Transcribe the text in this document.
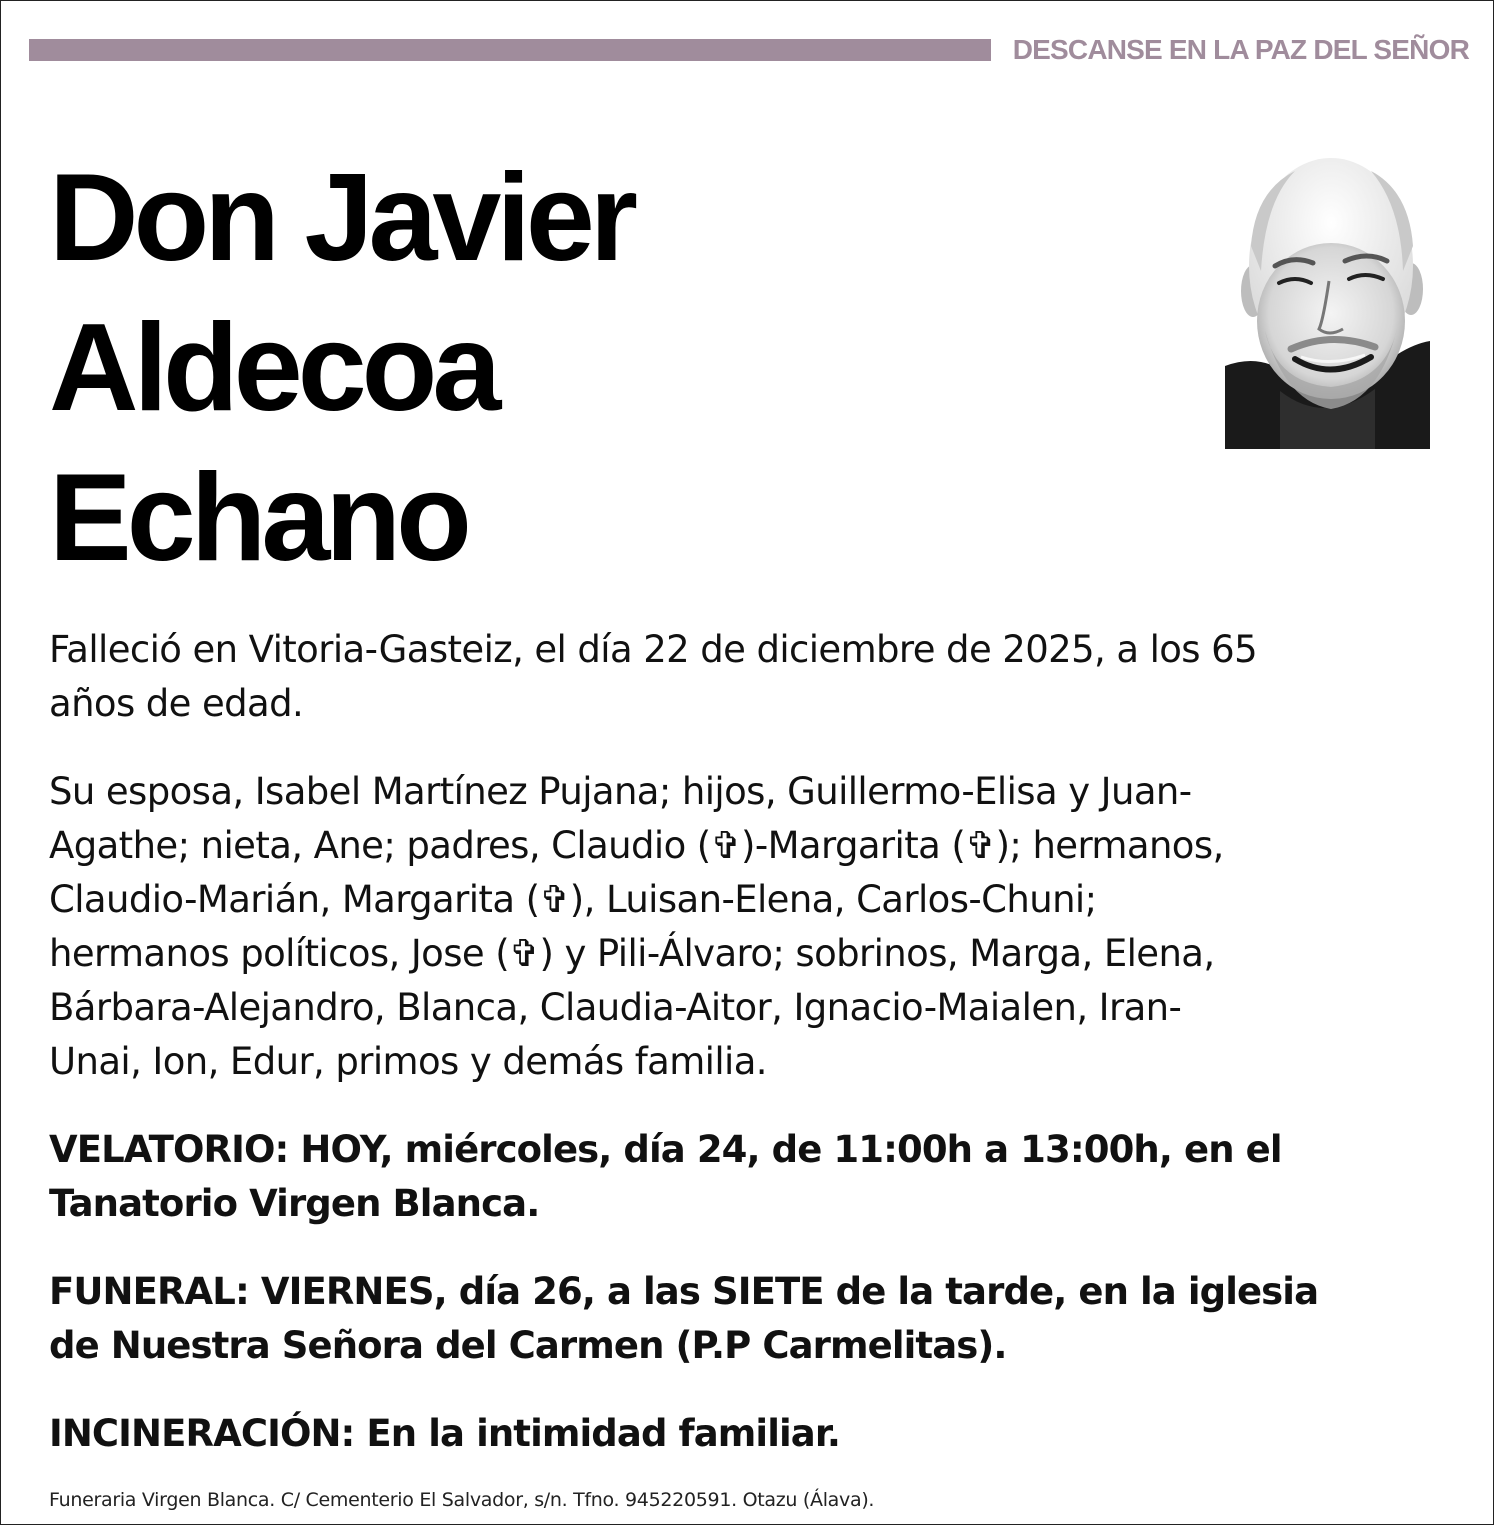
DESCANSE EN LA PAZ DEL SEÑOR
Don Javier
Aldecoa
Echano
Falleció en Vitoria-Gasteiz, el día 22 de diciembre de 2025, a los 65
años de edad.
Su esposa, Isabel Martínez Pujana; hijos, Guillermo-Elisa y Juan-
Agathe; nieta, Ane; padres, Claudio (✞)-Margarita (✞); hermanos,
Claudio-Marián, Margarita (✞), Luisan-Elena, Carlos-Chuni;
hermanos políticos, Jose (✞) y Pili-Álvaro; sobrinos, Marga, Elena,
Bárbara-Alejandro, Blanca, Claudia-Aitor, Ignacio-Maialen, Iran-
Unai, Ion, Edur, primos y demás familia.
VELATORIO: HOY, miércoles, día 24, de 11:00h a 13:00h, en el
Tanatorio Virgen Blanca.
FUNERAL: VIERNES, día 26, a las SIETE de la tarde, en la iglesia
de Nuestra Señora del Carmen (P.P Carmelitas).
INCINERACIÓN: En la intimidad familiar.
Funeraria Virgen Blanca. C/ Cementerio El Salvador, s/n. Tfno. 945220591. Otazu (Álava).
